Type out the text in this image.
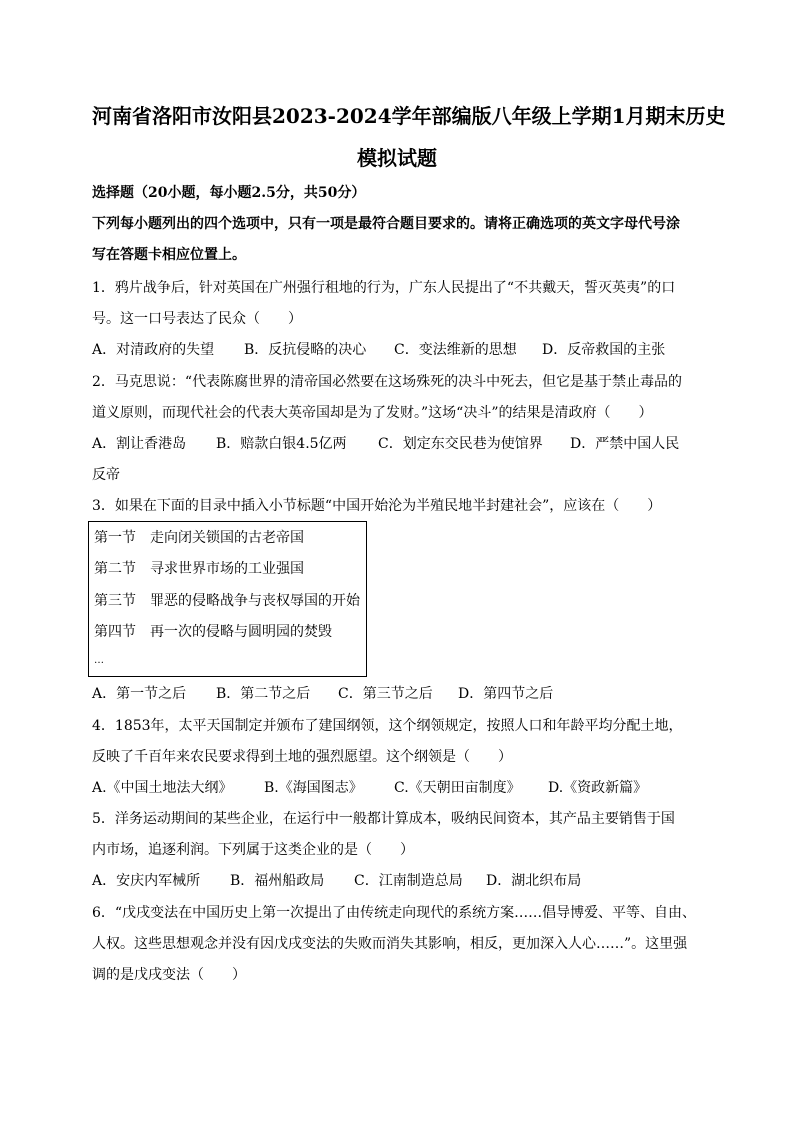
河南省洛阳市汝阳县2023-2024学年部编版八年级上学期1月期末历史
模拟试题
选择题（20小题，每小题2.5分，共50分）
下列每小题列出的四个选项中，只有一项是最符合题目要求的。请将正确选项的英文字母代号涂
写在答题卡相应位置上。
1．鸦片战争后，针对英国在广州强行租地的行为，广东人民提出了“不共戴天，誓灭英夷”的口
号。这一口号表达了民众（　　）
A．对清政府的失望 B．反抗侵略的决心 C．变法维新的思想 D．反帝救国的主张
2．马克思说：“代表陈腐世界的清帝国必然要在这场殊死的决斗中死去，但它是基于禁止毒品的
道义原则，而现代社会的代表大英帝国却是为了发财。”这场“决斗”的结果是清政府（　　）
A．割让香港岛 B．赔款白银4.5亿两 C．划定东交民巷为使馆界 D．严禁中国人民
反帝
3．如果在下面的目录中插入小节标题“中国开始沦为半殖民地半封建社会”，应该在（　　）
第一节　走向闭关锁国的古老帝国
第二节　寻求世界市场的工业强国
第三节　罪恶的侵略战争与丧权辱国的开始
第四节　再一次的侵略与圆明园的焚毁
…
A．第一节之后 B．第二节之后 C．第三节之后 D．第四节之后
4．1853年，太平天国制定并颁布了建国纲领，这个纲领规定，按照人口和年龄平均分配土地，
反映了千百年来农民要求得到土地的强烈愿望。这个纲领是（　　）
A.《中国土地法大纲》 B.《海国图志》 C.《天朝田亩制度》 D.《资政新篇》
5．洋务运动期间的某些企业，在运行中一般都计算成本，吸纳民间资本，其产品主要销售于国
内市场，追逐利润。下列属于这类企业的是（　　）
A．安庆内军械所 B．福州船政局 C．江南制造总局 D．湖北织布局
6．“戊戌变法在中国历史上第一次提出了由传统走向现代的系统方案……倡导博爱、平等、自由、
人权。这些思想观念并没有因戊戌变法的失败而消失其影响，相反，更加深入人心……”。这里强
调的是戊戌变法（　　）
